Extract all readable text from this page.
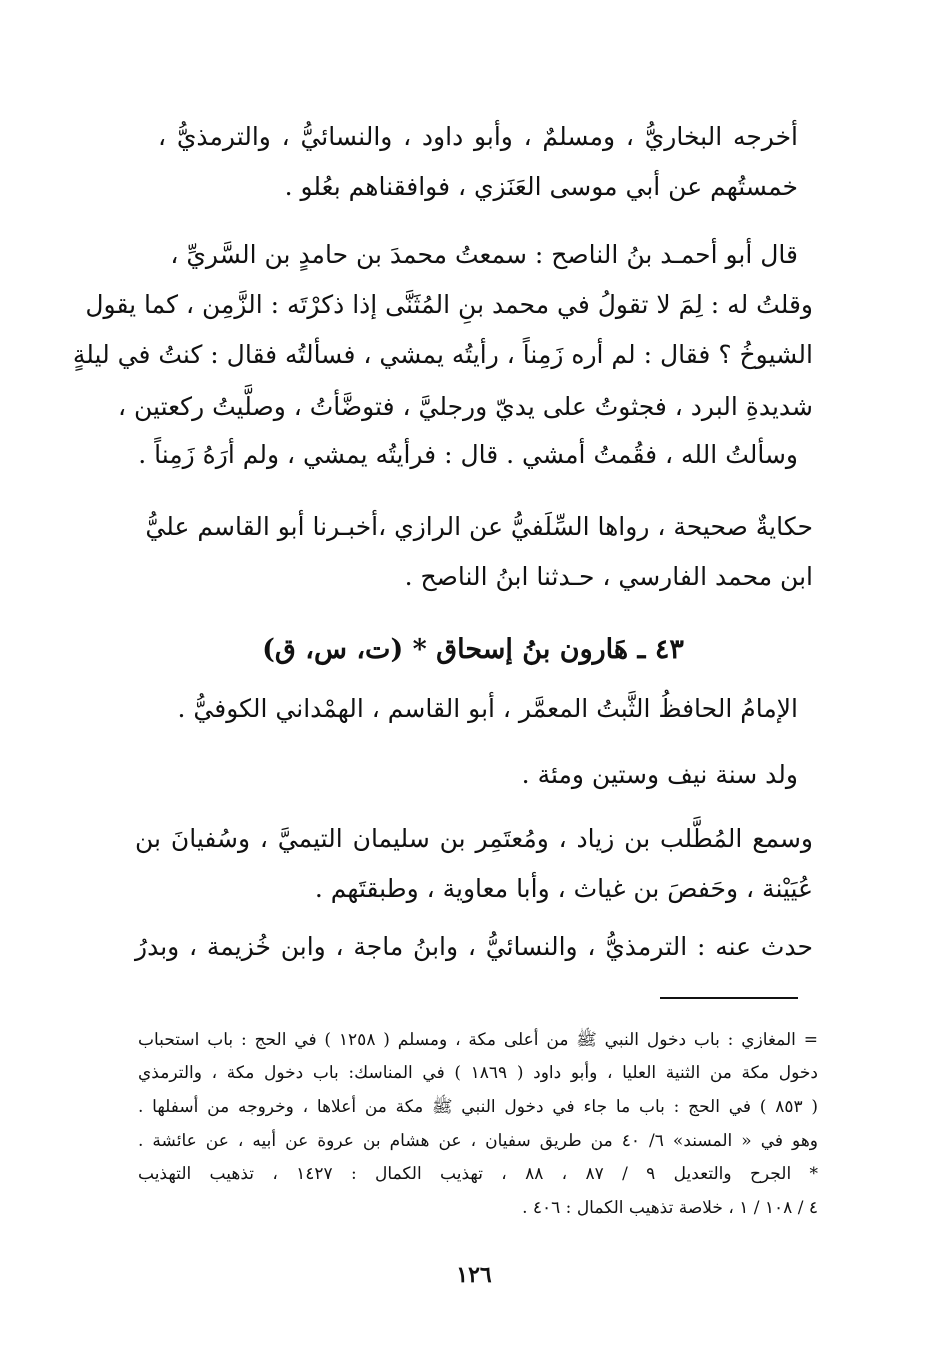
أخرجه البخاريُّ ، ومسلمٌ ، وأبو داود ، والنسائيُّ ، والترمذيُّ ،
خمستُهم عن أبي موسى العَنَزي ، فوافقناهم بعُلو .
قال أبو أحمـد بنُ الناصح : سمعتُ محمدَ بن حامدٍ بن السَّريِّ ،
وقلتُ له : لِمَ لا تقولُ في محمد بنِ المُثَنَّى إذا ذكرْتَه : الزَّمِن ، كما يقول
الشيوخُ ؟ فقال : لم أره زَمِناً ، رأيتُه يمشي ، فسألتُه فقال : كنتُ في ليلةٍ
شديدةِ البرد ، فجثوتُ على يديّ ورجليَّ ، فتوضَّأتُ ، وصلَّيتُ ركعتين ،
وسألتُ الله ، فقُمتُ أمشي . قال : فرأيتُه يمشي ، ولم أرَهُ زَمِناً .
حكايةٌ صحيحة ، رواها السِّلَفيُّ عن الرازي ،أخبـرنا أبو القاسم عليُّ
ابن محمد الفارسي ، حـدثنا ابنُ الناصح .
٤٣ ـ هَارون بنُ إسحاق * (ت، س، ق)
الإمامُ الحافظُ الثَّبتُ المعمَّر ، أبو القاسم ، الهمْداني الكوفيُّ .
ولد سنة نيف وستين ومئة .
وسمع المُطَّلب بن زياد ، ومُعتَمِر بن سليمان التيميَّ ، وسُفيانَ بن
عُيَيْنة ، وحَفصَ بن غياث ، وأبا معاوية ، وطبقتَهم .
حدث عنه : الترمذيُّ ، والنسائيُّ ، وابنُ ماجة ، وابن خُزيمة ، وبدرُ
= المغازي : باب دخول النبي ﷺ من أعلى مكة ، ومسلم ( ١٢٥٨ ) في الحج : باب استحباب
دخول مكة من الثنية العليا ، وأبو داود ( ١٨٦٩ ) في المناسك: باب دخول مكة ، والترمذي
( ٨٥٣ ) في الحج : باب ما جاء في دخول النبي ﷺ مكة من أعلاها ، وخروجه من أسفلها .
وهو في « المسند» ٦/ ٤٠ من طريق سفيان ، عن هشام بن عروة عن أبيه ، عن عائشة .
* الجرح والتعديل ٩ / ٨٧ ، ٨٨ ، تهذيب الكمال : ١٤٢٧ ، تذهيب التهذيب
٤ / ١٠٨ / ١ ، خلاصة تذهيب الكمال : ٤٠٦ .
١٢٦
